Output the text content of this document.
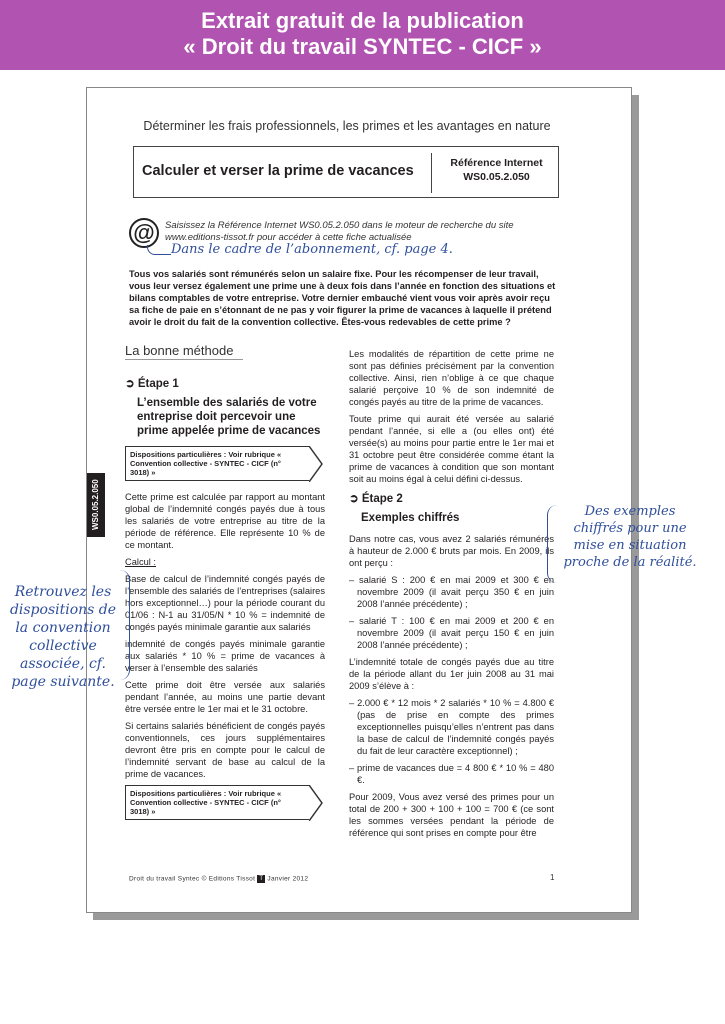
Extrait gratuit de la publication
« Droit du travail SYNTEC - CICF »
Déterminer les frais professionnels, les primes et les avantages en nature
Calculer et verser la prime de vacances	Référence Internet
WS0.05.2.050
@	Saisissez la Référence Internet WS0.05.2.050 dans le moteur de recherche du site
www.editions-tissot.fr pour accéder à cette fiche actualisée
Dans le cadre de l’abonnement, cf. page 4.
Tous vos salariés sont rémunérés selon un salaire fixe. Pour les récompenser de leur travail, vous leur versez également une prime une à deux fois dans l’année en fonction des situations et bilans comptables de votre entreprise. Votre dernier embauché vient vous voir après avoir reçu sa fiche de paie en s’étonnant de ne pas y voir figurer la prime de vacances à laquelle il prétend avoir le droit du fait de la convention collective. Êtes-vous redevables de cette prime ?
WS0.05.2.050
La bonne méthode
➲ Étape 1
L’ensemble des salariés de votre entreprise doit percevoir une prime appelée prime de vacances
Dispositions particulières : Voir rubrique « Convention collective - SYNTEC - CICF (n° 3018) »

Cette prime est calculée par rapport au montant global de l’indemnité congés payés due à tous les salariés de votre entreprise au titre de la période de référence. Elle représente 10 % de ce montant.

Calcul :

Base de calcul de l’indemnité congés payés de l’ensemble des salariés de l’entreprises (salaires hors exceptionnel…) pour la période courant du 01/06 : N-1 au 31/05/N * 10 % = indemnité de congés payés minimale garantie aux salariés

indemnité de congés payés minimale garantie aux salariés * 10 % = prime de vacances à verser à l’ensemble des salariés

Cette prime doit être versée aux salariés pendant l’année, au moins une partie devant être versée entre le 1er mai et le 31 octobre.

Si certains salariés bénéficient de congés payés conventionnels, ces jours supplémentaires devront être pris en compte pour le calcul de l’indemnité servant de base au calcul de la prime de vacances.

Dispositions particulières : Voir rubrique « Convention collective - SYNTEC - CICF (n° 3018) »

Les modalités de répartition de cette prime ne sont pas définies précisément par la convention collective. Ainsi, rien n’oblige à ce que chaque salarié perçoive 10 % de son indemnité de congés payés au titre de la prime de vacances.

Toute prime qui aurait été versée au salarié pendant l’année, si elle a (ou elles ont) été versée(s) au moins pour partie entre le 1er mai et 31 octobre peut être considérée comme étant la prime de vacances à condition que son montant soit au moins égal à celui défini ci-dessus.

➲ Étape 2
Exemples chiffrés

Dans notre cas, vous avez 2 salariés rémunérés à hauteur de 2.000 € bruts par mois. En 2009, ils ont perçu :

– salarié S : 200 € en mai 2009 et 300 € en novembre 2009 (il avait perçu 350 € en juin 2008 l’année précédente) ;

– salarié T : 100 € en mai 2009 et 200 € en novembre 2009 (il avait perçu 150 € en juin 2008 l’année précédente) ;

L’indemnité totale de congés payés due au titre de la période allant du 1er juin 2008 au 31 mai 2009 s’élève à :

– 2.000 € * 12 mois * 2 salariés * 10 % = 4.800 € (pas de prise en compte des primes exceptionnelles puisqu’elles n’entrent pas dans la base de calcul de l’indemnité congés payés du fait de leur caractère exceptionnel) ;

– prime de vacances due = 4 800 € * 10 % = 480 €.

Pour 2009, Vous avez versé des primes pour un total de 200 + 300 + 100 + 100 = 700 € (ce sont les sommes versées pendant la période de référence qui sont prises en compte pour être

Droit du travail Syntec © Editions Tissot T Janvier 2012	1
Retrouvez les dispositions de la convention collective associée, cf. page suivante.
Des exemples chiffrés pour une mise en situation proche de la réalité.
